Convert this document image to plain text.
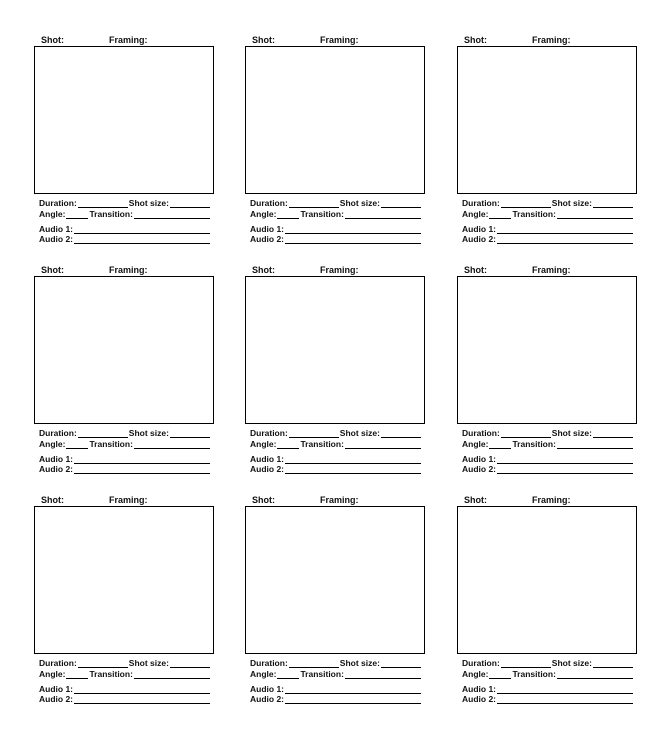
Shot:	Framing:
Duration:	Shot size:
Angle:	Transition:
Audio 1:
Audio 2:
Shot:	Framing:
Duration:	Shot size:
Angle:	Transition:
Audio 1:
Audio 2:
Shot:	Framing:
Duration:	Shot size:
Angle:	Transition:
Audio 1:
Audio 2:
Shot:	Framing:
Duration:	Shot size:
Angle:	Transition:
Audio 1:
Audio 2:
Shot:	Framing:
Duration:	Shot size:
Angle:	Transition:
Audio 1:
Audio 2:
Shot:	Framing:
Duration:	Shot size:
Angle:	Transition:
Audio 1:
Audio 2:
Shot:	Framing:
Duration:	Shot size:
Angle:	Transition:
Audio 1:
Audio 2:
Shot:	Framing:
Duration:	Shot size:
Angle:	Transition:
Audio 1:
Audio 2:
Shot:	Framing:
Duration:	Shot size:
Angle:	Transition:
Audio 1:
Audio 2:
